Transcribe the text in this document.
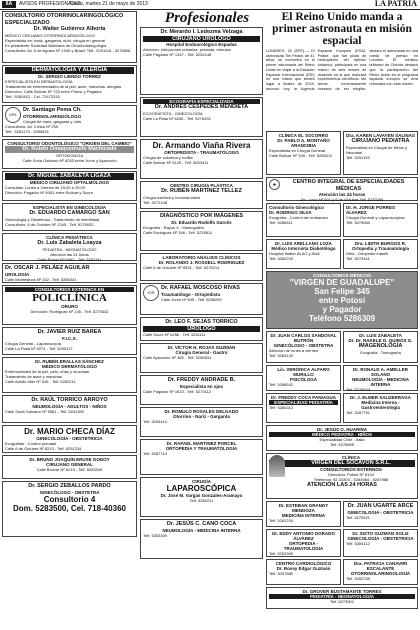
8A	AVISOS PROFESIONALES
Oruro, martes 21 de mayo de 2013	LA PATRIA
Profesionales
CONSULTORIO OTORRINOLARINGOLÓGICO ESPECIALIZADO
Dr. Walter Gutiérrez Alborta
MÉDICO CIRUJANO OTORRINOLARINGÓLOGO
Especialista en: nariz, garganta, oído, cirugía en general
Ex presidente Sociedad Boliviana de Otorrinolaringología
Consultorio: Av. 6 de Agosto Nº 1345 y Brasil. Telf.: 5251116 - 5275808
DERMATOLOGÍA Y ALERGIA
Dr. SERGIO LIENDO TORREZ
ESPECIALISTA EN DERMATOLOGÍA
Tratamiento de enfermedades de la piel, acné, manchas, alergias
Dirección: Calle Bolívar Nº 720 entre Potosí y Pagador
Telf.: 5283412 - Cel. 72472315
ORL
Dr. Santiago Pema Ch.
OTORRINOLARINGÓLOGO
Cirugía de nariz, garganta y oído
Consultorio: Av. Cívica Nº 235
Telf.: 5281170 - 5258431
CONSULTORIO ODONTOLÓGICO "ORIGEN DEL CAMBIO"
Dr. Rubén Omaquemullo Machicado
ORTODONCIA
Calle Soria Galvarro Nº 6253 entre Junín y Ayacucho
Dr. MIGUEL ZABALETA LIGAZA
MÉDICO CIRUJANO OFTALMÓLOGO
Consultas: Lunes a Viernes de 15:00 a 20:00
Dirección: Pagador Nº 6161 entre Bolívar y Sucre
ESPECIALISTA EN GINECOLOGÍA
Dr. EDUARDO CAMARGO SAN
Ginecología y Obstetricia - Tratamiento de infertilidad
Consultorio: 6 de Octubre Nº 1345 - Telf. 5278932
CLÍNICA PEDIÁTRICA
Dr. Luis Zabaleta Loayza
PEDIATRA - NEONATÓLOGO
Atención las 24 horas
Calle Potosí Nº 5462 - Telf. 5252311
Dr. OSCAR J. PELÁEZ AGUILAR
UROLOGÍA
Calle Montesinos Nº 342 - Telf. 5286341
CONSULTORIOS EXTERNOS EN
POLICLÍNICA
ORURO
Dirección: Rodríguez Nº 245 - Telf. 5275432
Dr. JAVIER RUIZ BAREA
F.I.C.S.
Cirugía General - Laparoscopía
Calle La Plata Nº 6274 - Telf. 5255117
Dr. RUBÉN ERALLAS SÁNCHEZ
MÉDICO DERMATÓLOGO
Enfermedades de la piel, pelo, uñas y mucosas
Tratamiento de acné y manchas
Calle Adolfo Mier Nº 345 - Telf. 5282211
Dr. RAÚL TORRICO ARROYO
NEUMOLOGÍA - ADULTOS - NIÑOS
Calle Soria Galvarro Nº 5561 - Telf. 5241390
Dr. MARIO CHECA DÍAZ
GINECOLOGÍA - OBSTETRICIA
Ecografías - Control prenatal
Calle 6 de Octubre Nº 5213 - Telf. 5251234
Dr. BRUNO JOAQUÍN ERUSE GODOY
CIRUJANO GENERAL
Calle Bolívar Nº 6219 - Telf. 5283345
Dr. SERGIO ZEBALLOS PARDO
GINECÓLOGO - OBSTETRA
Consultorio 4
Dom. 5283500, Cel. 718-40360
Dr. Merardo I. Ledezma Velzaga
CIRUJANO UROLOGO
Hospital Endourológico Espadas
Atención: Infecciones urinarias, próstata, cálculos
Calle Pagador Nº 1347 - Telf. 5252148
ECOGRAFÍA ESPECIALIZADA
Dr. ANDRÉS CESPEDES MENDIETA
ECOGRAFISTA - GINECOLOGÍA
Calle La Plata Nº 6245 - Telf. 5276432
Dr. Armando Viaña Rivera
ORTOPEDISTA - TRAUMATÓLOGO
Cirugía de columna y rodilla
Calle Bolívar Nº 6125 - Telf. 5283411
CENTRO CIRUGÍA PLÁSTICA
Dr. RUBÉN MARTÍNEZ TELLEZ
Cirugía estética y reconstructiva
Telf. 5272148
DIAGNÓSTICO POR IMÁGENES
Dr. Eduardo Rodolfo Garcés
Ecografía - Rayos X - Mamografía
Calle Rodríguez Nº 346 - Telf. 5278811
LABORATORIO ANÁLISIS CLÍNICOS
Dr. ROLANDO J. ROSSELL RODRIGUEZ
Calle 6 de Octubre Nº 5931 - Telf. 5275214
IOR
Dr. RAFAEL MOSCOSO RIVAS
Traumatólogo - Ortopedista
Calle Junín Nº 645 - Telf. 5256290
Dr. LEO F. SEJAS TORRICO
UROLOGO
Calle Sucre Nº 6256 - Telf. 5251111
Dr. VÍCTOR H. ROJAS GUZMÁN
Cirugía General - Gastro
Calle Ayacucho Nº 465 - Telf. 5285531
Dr. FREDDY ANDRADE B.
Especialista en ojos
Calle Pagador Nº 1623 - Telf. 5273112
Dr. ROMULO ROSALES DELGADO
Otorrino - Nariz - Garganta
Telf. 5254410
Dr. RAFAEL MARTÍNEZ PORCEL
ORTOPEDIA Y TRAUMATOLOGÍA
Telf. 5287714
CIRUGÍA
LAPAROSCÓPICA
Dr. José M. Vargas Gonzales-Aramayo
Telf. 5282211
Dr. JESÚS C. CANO COCA
NEUMOLOGÍA - MEDICINA INTERNA
Telf. 5253309
El Reino Unido manda a primer astronauta en misión espacial
LONDRES, 20 (EFE).— El astronauta Tim Peake, de 41 años, se convertirá en el primer astronauta del Reino Unido en viajar a la Estación Espacial Internacional (EEI) en una misión que tendrá lugar a finales de 2015, anunció hoy la Agencia Espacial Europea (ESA). Peake, que fue piloto de helicópteros del ejército británico, participará en una misión de seis meses de duración en la que realizará experimentos científicos. Me siento inmensamente honrado de ser elegido, declaró el astronauta en una rueda de prensa en Londres. El ministro británico de Ciencia destacó que la participación del Reino Unido en el programa espacial europeo se verá reforzada con esta misión.
CLÍNICA EL SOCORRO
Dr. PABLO A. MONTAÑO ARANCIBIA
Especialista en Cirugía General
Calle Bolívar Nº 345 - Telf. 5258411
Dra. KAREN LAVAYEN SALINAS
CIRUJANO PEDIATRA
Especialista en Cirugía de Niños y Neonatal
Telf. 5251193
✚	CENTRO INTEGRAL DE ESPECIALIDADES MÉDICAS
Atención las 24 horas
Dir.: León Nº 501 y 6 de Octubre Telf. 5230266
Consultorio Ginecológico
Dr. RODRIGO SILVA
Ecografía - Control del embarazo
Telf. 5286611
Dr. H. JORGE PORRES ÁLVAREZ
Cirugía General y Laparoscópica
Telf. 5275560
Dr. LUIS ARELLANO LOZA
Médico Internista Diabetólogo
Hospital Walter ALAO y ANA
Telf. 5282233
Dra. LIDITH BURGOS R.
Ortopedia y Traumatología
Niño - Ortopedia infantil
Telf. 5275411
CONSULTORIOS MÉDICOS
"VIRGEN DE GUADALUPE"
San Felipe 345
entre Potosí
y Pagador
Teléfono 5286309
Dr. JUAN CARLOS SANDOVAL BUTRÓN
GINECÓLOGO - OBSTETRA
Atención de lunes a viernes
Telf. 5284120
Dr. LUIS ZABALETA
Dr. Dr. NAKELE G. QUIROS G.
IMAGENOLOGÍA
Ecografía - Tomografía
Lic. VERÓNICA ALFARO MURILLO
PSICÓLOGA
Telf. 5286642
Dr. RONALD A. AMELLER SOLANO
NEUMOLOGÍA - MEDICINA INTERNA
Telf. 5276523
Dr. FREDDY COCA PANIAGUA
ESPECIALIDAD PEDIATRÍA
Telf. 5284313
Dr. J. ELMER SALDERRAGA
Medicina Interna - Gastroenterología
Telf. 5287751
Dr. JESÚS O. HUARINA
MÉDICO PEDIATRA - NIÑOS
Especialidad Chile - Italia
Telf. 5276655
CLÍNICA
VIRGEN DEL SOCAVÓN S.R.L.
CONSULTORIOS EXTERNOS
Dirección: Potosí Nº 6134
Teléfonos: 52-43303 - 5284584 - 5287986
ATENCIÓN LAS 24 HORAS
Dr. ESTEBAN GRANDY MENDOZA
MEDICINA INTERNA
Telf. 5281234
Dr. JUAN UGARTE ARCE
GINECOLOGIA - OBSTETRICIA
Telf. 5275521
Dr. EDDY ANTONIO DORADO ÁLVAREZ
ORTOPEDIA - TRAUMATOLOGÍA
Telf. 5253390
Dr. SIXTO GUZMÁN SOLIZ
GINECOLOGÍA - OBSTETRICIA
Telf. 5284112
CENTRO CARDIOLÓGICO
Dr. Rossy Edgar Guzmán
Telf. 5257880
Dra. PATRICIA CANAVIRI ESCALANTE
OTORRINOLARINGOLOGÍA
Telf. 5282239
Dr. GROVER BUSTAMANTE TORRES
PEDIATRÍA - NEONATOLOGÍA
Telf. 5273001
